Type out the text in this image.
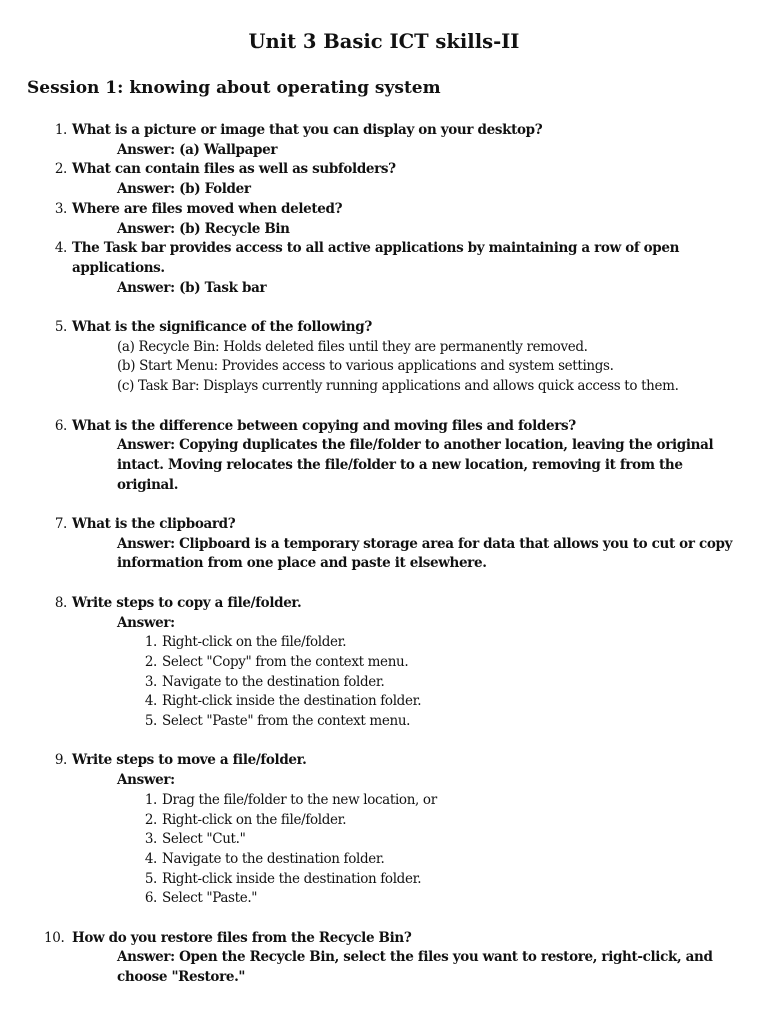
Unit 3 Basic ICT skills-II
Session 1: knowing about operating system
1. What is a picture or image that you can display on your desktop?
Answer: (a) Wallpaper
2. What can contain files as well as subfolders?
Answer: (b) Folder
3. Where are files moved when deleted?
Answer: (b) Recycle Bin
4. The Task bar provides access to all active applications by maintaining a row of open applications.
Answer: (b) Task bar
5. What is the significance of the following?
(a) Recycle Bin: Holds deleted files until they are permanently removed.
(b) Start Menu: Provides access to various applications and system settings.
(c) Task Bar: Displays currently running applications and allows quick access to them.
6. What is the difference between copying and moving files and folders?
Answer: Copying duplicates the file/folder to another location, leaving the original intact. Moving relocates the file/folder to a new location, removing it from the original.
7. What is the clipboard?
Answer: Clipboard is a temporary storage area for data that allows you to cut or copy information from one place and paste it elsewhere.
8. Write steps to copy a file/folder.
Answer:
1. Right-click on the file/folder.
2. Select "Copy" from the context menu.
3. Navigate to the destination folder.
4. Right-click inside the destination folder.
5. Select "Paste" from the context menu.
9. Write steps to move a file/folder.
Answer:
1. Drag the file/folder to the new location, or
2. Right-click on the file/folder.
3. Select "Cut."
4. Navigate to the destination folder.
5. Right-click inside the destination folder.
6. Select "Paste."
10. How do you restore files from the Recycle Bin?
Answer: Open the Recycle Bin, select the files you want to restore, right-click, and choose "Restore."
